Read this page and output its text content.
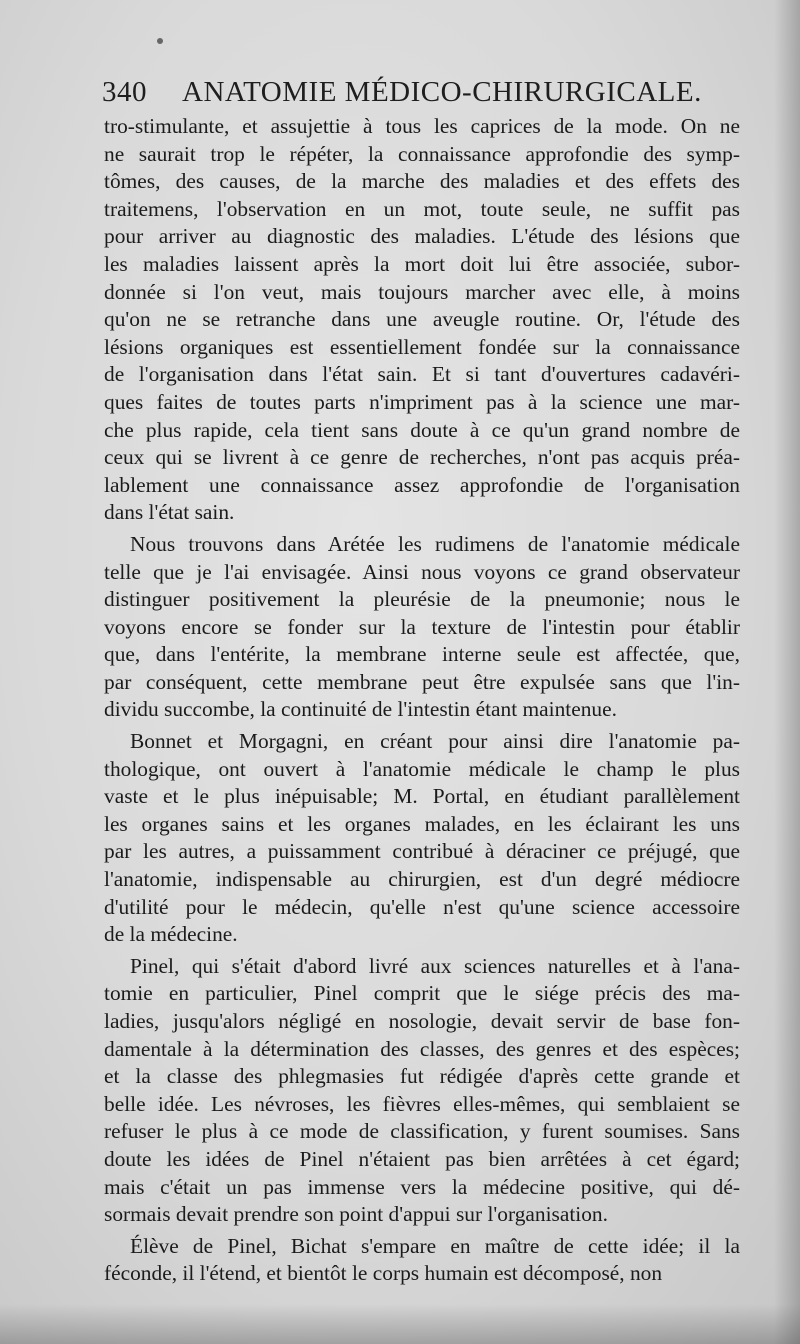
340 ANATOMIE MÉDICO-CHIRURGICALE.

tro-stimulante, et assujettie à tous les caprices de la mode. On ne
ne saurait trop le répéter, la connaissance approfondie des symp-
tômes, des causes, de la marche des maladies et des effets des
traitemens, l'observation en un mot, toute seule, ne suffit pas
pour arriver au diagnostic des maladies. L'étude des lésions que
les maladies laissent après la mort doit lui être associée, subor-
donnée si l'on veut, mais toujours marcher avec elle, à moins
qu'on ne se retranche dans une aveugle routine. Or, l'étude des
lésions organiques est essentiellement fondée sur la connaissance
de l'organisation dans l'état sain. Et si tant d'ouvertures cadavéri-
ques faites de toutes parts n'impriment pas à la science une mar-
che plus rapide, cela tient sans doute à ce qu'un grand nombre de
ceux qui se livrent à ce genre de recherches, n'ont pas acquis préa-
lablement une connaissance assez approfondie de l'organisation
dans l'état sain.

Nous trouvons dans Arétée les rudimens de l'anatomie médicale
telle que je l'ai envisagée. Ainsi nous voyons ce grand observateur
distinguer positivement la pleurésie de la pneumonie; nous le
voyons encore se fonder sur la texture de l'intestin pour établir
que, dans l'entérite, la membrane interne seule est affectée, que,
par conséquent, cette membrane peut être expulsée sans que l'in-
dividu succombe, la continuité de l'intestin étant maintenue.

Bonnet et Morgagni, en créant pour ainsi dire l'anatomie pa-
thologique, ont ouvert à l'anatomie médicale le champ le plus
vaste et le plus inépuisable; M. Portal, en étudiant parallèlement
les organes sains et les organes malades, en les éclairant les uns
par les autres, a puissamment contribué à déraciner ce préjugé, que
l'anatomie, indispensable au chirurgien, est d'un degré médiocre
d'utilité pour le médecin, qu'elle n'est qu'une science accessoire
de la médecine.

Pinel, qui s'était d'abord livré aux sciences naturelles et à l'ana-
tomie en particulier, Pinel comprit que le siége précis des ma-
ladies, jusqu'alors négligé en nosologie, devait servir de base fon-
damentale à la détermination des classes, des genres et des espèces;
et la classe des phlegmasies fut rédigée d'après cette grande et
belle idée. Les névroses, les fièvres elles-mêmes, qui semblaient se
refuser le plus à ce mode de classification, y furent soumises. Sans
doute les idées de Pinel n'étaient pas bien arrêtées à cet égard;
mais c'était un pas immense vers la médecine positive, qui dé-
sormais devait prendre son point d'appui sur l'organisation.

Élève de Pinel, Bichat s'empare en maître de cette idée; il la
féconde, il l'étend, et bientôt le corps humain est décomposé, non
